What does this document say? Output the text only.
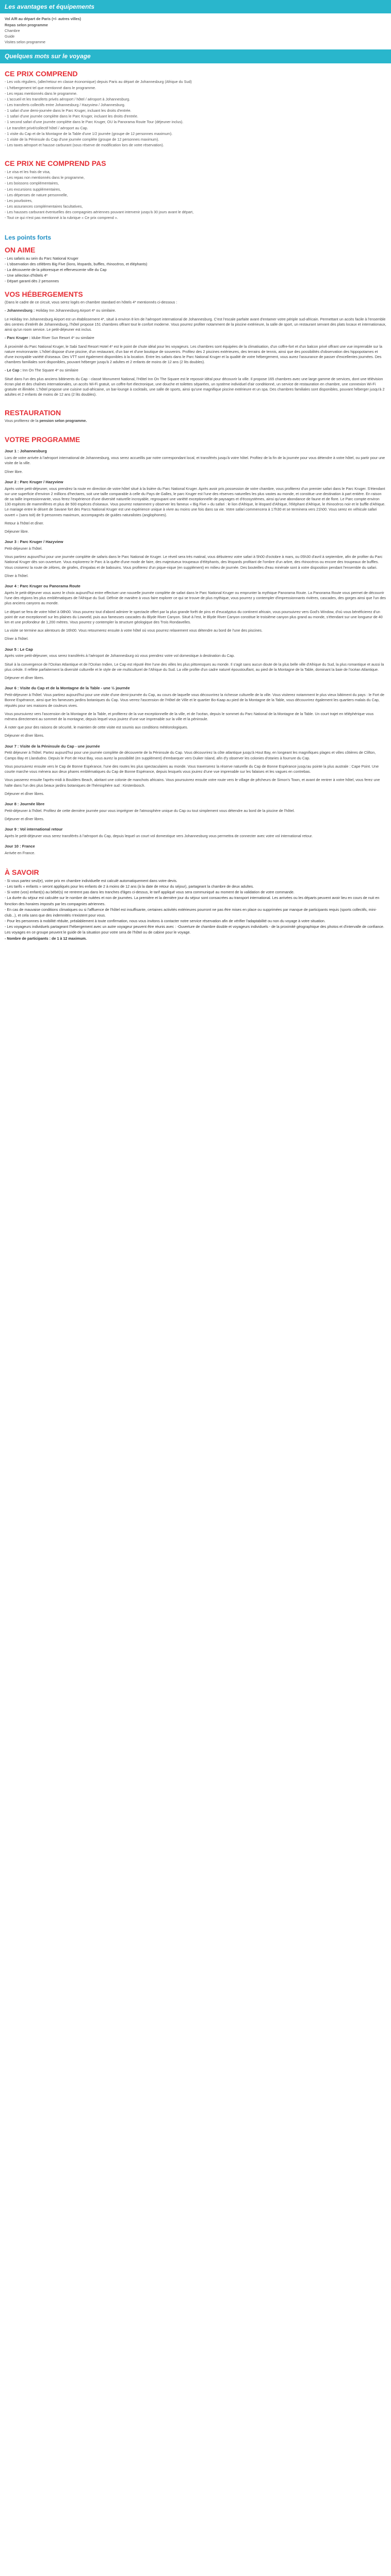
Les avantages et équipements
Vol A/R au départ de Paris (+/- autres villes)
Repas selon programme
Chambre
Guide
Visites selon programme
Quelques mots sur le voyage
CE PRIX COMPREND
- Les vols réguliers, (aller/retour en classe économique) depuis Paris au départ de Johannesburg (Afrique du Sud)
- L'hébergement tel que mentionné dans le programme.
- Les repas mentionnés dans le programme.
- L'accueil et les transferts privés aéroport / hôtel / aéroport à Johannesburg.
- Les transferts collectifs entre Johannesburg / Hazyview / Johannesburg.
- 1 safari d'une demi-journée dans le Parc Kruger, incluant les droits d'entrée.
- 1 safari d'une journée complète dans le Parc Kruger, incluant les droits d'entrée.
- 1 second safari d'une journée complète dans le Parc Kruger, OU la Panorama Route Tour (déjeuner inclus).
- Le transfert privé/collectif hôtel / aéroport au Cap.
- 1 visite du Cap et de la Montagne de la Table d'une 1/2 journée (groupe de 12 personnes maximum).
- 1 visite de la Péninsule du Cap d'une journée complète (groupe de 12 personnes maximum).
- Les taxes aéroport et hausse carburant (sous réserve de modification lors de votre réservation).
CE PRIX NE COMPREND PAS
- Le visa et les frais de visa,
- Les repas non mentionnés dans le programme,
- Les boissons complémentaires,
- Les excursions supplémentaires,
- Les dépenses de nature personnelle,
- Les pourboires,
- Les assurances complémentaires facultatives,
- Les hausses carburant éventuelles des compagnies aériennes pouvant intervenir jusqu'à 30 jours avant le départ,
- Tout ce qui n'est pas mentionné à la rubrique « Ce prix comprend ».
Les points forts
ON AIME
- Les safaris au sein du Parc National Kruger
- L'observation des célèbres Big Five (lions, léopards, buffles, rhinocéros, et éléphants)
- La découverte de la pittoresque et effervescente ville du Cap
- Une sélection d'hôtels 4*
- Départ garanti dès 2 personnes
VOS HÉBERGEMENTS

(Dans le cadre de ce circuit, vous serez logés en chambre standard en hôtels 4* mentionnés ci-dessous :

- Johannesburg : Holiday Inn Johannesburg Airport 4* ou similaire.

Le Holiday Inn Johannesburg Airport est un établissement 4*, situé à environ 8 km de l'aéroport international de Johannesburg. C'est l'escale parfaite avant d'entamer votre périple sud-africain. Permettant un accès facile à l'ensemble des centres d'intérêt de Johannesburg, l'hôtel propose 151 chambres offrant tout le confort moderne. Vous pourrez profiter notamment de la piscine extérieure, la salle de sport, un restaurant servant des plats locaux et internationaux, ainsi qu'un room service. Le petit-déjeuner est inclus.

- Parc Kruger : Idube River Sun Resort 4* ou similaire

À proximité du Parc National Kruger, le Sabi Sand Resort Hotel 4* est le point de chute idéal pour les voyageurs. Les chambres sont équipées de la climatisation, d'un coffre-fort et d'un balcon privé offrant une vue imprenable sur la nature environnante. L'hôtel dispose d'une piscine, d'un restaurant, d'un bar et d'une boutique de souvenirs. Profitez des 2 piscines extérieures, des terrains de tennis, ainsi que des possibilités d'observation des hippopotames et d'une incroyable variété d'oiseaux. Des VTT sont également disponibles à la location. Entre les safaris dans le Parc National Kruger et la qualité de votre hébergement, vous aurez l'assurance de passer d'excellentes journées. Des chambres familiales sont disponibles, pouvant héberger jusqu'à 2 adultes et 2 enfants de moins de 12 ans (2 lits doubles).

- Le Cap : Inn On The Square 4* ou similaire

Situé dans l'un des plus anciens bâtiments du Cap - classé Monument National, l'Hôtel Inn On The Square est le reposoir idéal pour découvrir la ville. Il propose 165 chambres avec une large gamme de services, dont une télévision écran plat et des chaînes internationales, un accès Wi-Fi gratuit, un coffre-fort électronique, une douche et toilettes séparées, un système individuel d'air conditionné, un service de restauration en chambre, une connexion Wi-Fi gratuite et illimitée. L'hôtel propose une cuisine sud-africaine, un bar-lounge à cocktails, une salle de sports, ainsi qu'une magnifique piscine extérieure et un spa. Des chambres familiales sont disponibles, pouvant héberger jusqu'à 2 adultes et 2 enfants de moins de 12 ans (2 lits doubles).

RESTAURATION

Vous profiterez de la pension selon programme.

VOTRE PROGRAMME
Jour 1 : Johannesburg

Lors de votre arrivée à l'aéroport international de Johannesburg, vous serez accueillis par notre correspondant local, et transférés jusqu'à votre hôtel. Profitez de la fin de la journée pour vous détendre à votre hôtel, ou partir pour une visite de la ville.

Dîner libre.

Jour 2 : Parc Kruger / Hazyview

Après votre petit-déjeuner, vous prendrez la route en direction de votre hôtel situé à la lisière du Parc National Kruger. Après avoir pris possession de votre chambre, vous profiterez d'un premier safari dans le Parc Kruger. S'étendant sur une superficie d'environ 2 millions d'hectares, soit une taille comparable à celle du Pays de Galles, le parc Kruger est l'une des réserves naturelles les plus vastes au monde, et constitue une destination à part entière. En raison de sa taille impressionnante, vous ferez l'expérience d'une diversité naturelle incroyable, regroupant une variété exceptionnelle de paysages et d'écosystèmes, ainsi qu'une abondance de faune et de flore. Le Parc compte environ 130 espèces de mammifères et plus de 500 espèces d'oiseaux. Vous pourrez notamment y observer les fameux « Big Five » du safari : le lion d'Afrique, le léopard d'Afrique, l'éléphant d'Afrique, le rhinocéros noir et le buffle d'Afrique. Le mariage entre le désert de Savane fort des Parcs National Kruger est une expérience unique à vivre au moins une fois dans sa vie. Votre safari commencera à 17h30 et se terminera vers 21h00. Vous serez en véhicule safari ouvert « (sans toit) de 9 personnes maximum, accompagnés de guides naturalistes (anglophones).

Retour à l'hôtel et dîner.

Déjeuner libre.

Jour 3 : Parc Kruger / Hazyview

Petit-déjeuner à l'hôtel.

Vous partirez aujourd'hui pour une journée complète de safaris dans le Parc National de Kruger. Le réveil sera très matinal, vous débuterez votre safari à 5h00 d'octobre à mars, ou 05h30 d'avril à septembre, afin de profiter du Parc National Kruger dès son ouverture. Vous explorerez le Parc à la quête d'une mode de faire, des majestueux troupeaux d'éléphants, des léopards profitant de l'ombre d'un arbre, des rhinocéros ou encore des troupeaux de buffles. Vous croiserez la route de zèbres, de girafes, d'impalas et de babouins. Vous profiterez d'un pique-nique (en supplément) en milieu de journée. Des bouteilles d'eau minérale sont à votre disposition pendant l'ensemble du safari.

Dîner à l'hôtel.

Jour 4 : Parc Kruger ou Panorama Route

Après le petit-déjeuner vous aurez le choix aujourd'hui entre effectuer une nouvelle journée complète de safari dans le Parc National Kruger ou emprunter la mythique Panorama Route. La Panorama Route vous permet de découvrir l'une des régions les plus emblématiques de l'Afrique du Sud. Définie de manière à vous faire explorer ce qui se trouve de plus mythique, vous pourrez y contempler d'impressionnants rivières, cascades, des gorges ainsi que l'un des plus anciens canyons au monde.

Le départ se fera de votre hôtel à 08h00. Vous pourrez tout d'abord admirer le spectacle offert par la plus grande forêt de pins et d'eucalyptus du continent africain, vous poursuivrez vers God's Window, d'où vous bénéficierez d'un point de vue exceptionnel sur les plaines du Lowveld, puis aux fameuses cascades du Blyde River Canyon. Situé à l'est, le Blyde River Canyon constitue le troisième canyon plus grand au monde, s'étendant sur une longueur de 40 km et une profondeur de 1,200 mètres. Vous pourrez y contempler la structure géologique des Trois Rondavelles.

La visite se termine aux alentours de 16h00. Vous retournerez ensuite à votre hôtel où vous pourrez relaxement vous détendre au bord de l'une des piscines.

Dîner à l'hôtel.

Jour 5 : Le Cap

Après votre petit-déjeuner, vous serez transférés à l'aéroport de Johannesburg où vous prendrez votre vol domestique à destination du Cap.

Situé à la convergence de l'Océan Atlantique et de l'Océan Indien, Le Cap est réputé être l'une des villes les plus pittoresques au monde. Il s'agit sans aucun doute de la plus belle ville d'Afrique du Sud, la plus romantique et aussi la plus créole. Il reflète parfaitement la diversité culturelle et le style de vie multiculturel de l'Afrique du Sud. La ville profite d'un cadre naturel époustouflant, au pied de la Montagne de la Table, dominant la baie de l'océan Atlantique.

Déjeuner et dîner libres.

Jour 6 : Visite du Cap et de la Montagne de la Table - une ½ journée

Petit-déjeuner à l'hôtel. Vous partirez aujourd'hui pour une visite d'une demi-journée du Cap, au cours de laquelle vous découvrirez la richesse culturelle de la ville. Vous visiterez notamment le plus vieux bâtiment du pays : le Fort de Bonne Espérance, ainsi que les fameuses jardins botaniques du Cap. Vous verrez l'ascension de l'Hôtel de Ville et le quartier Bo-Kaap au pied de la Montagne de la Table, vous découvrirez également les quartiers malais du Cap, réputés pour ses maisons de couleurs vives.

Vous poursuivrez vers l'ascension de la Montagne de la Table, et profiterez de la vue exceptionnelle de la ville, et de l'océan, depuis le sommet du Parc National de la Montagne de la Table. Un court trajet en téléphérique vous mènera directement au sommet de la montagne, depuis lequel vous jouirez d'une vue imprenable sur la ville et la péninsule.

À noter que pour des raisons de sécurité, le maintien de cette visite est soumis aux conditions météorologiques.

Déjeuner et dîner libres.

Jour 7 : Visite de la Péninsule du Cap - une journée

Petit déjeuner à l'hôtel. Partez aujourd'hui pour une journée complète de découverte de la Péninsule du Cap. Vous découvrirez la côte atlantique jusqu'à Hout Bay, en longeant les magnifiques plages et villes côtières de Clifton, Camps Bay et Llandudno. Depuis le Port de Hout Bay, vous aurez la possibilité (en supplément) d'embarquer vers Duiker Island, afin d'y observer les colonies d'otaries à fourrure du Cap.

Vous poursuivrez ensuite vers le Cap de Bonne Espérance, l'une des routes les plus spectaculaires au monde. Vous traverserez la réserve naturelle du Cap de Bonne Espérance jusqu'au pointe la plus australe : Cape Point. Une courte marche vous mènera aux deux phares emblématiques du Cap de Bonne Espérance, depuis lesquels vous jouirez d'une vue imprenable sur les falaises et les vagues en contrebas.

Vous passerez ensuite l'après-midi à Boulders Beach, abritant une colonie de manchots africains. Vous poursuivrez ensuite votre route vers le village de pêcheurs de Simon's Town, et avant de rentrer à votre hôtel, vous ferez une halte dans l'un des plus beaux jardins botaniques de l'hémisphère sud : Kirstenbosch.

Déjeuner et dîner libres.

Jour 8 : Journée libre

Petit-déjeuner à l'hôtel. Profitez de cette dernière journée pour vous imprégner de l'atmosphère unique du Cap ou tout simplement vous détendre au bord de la piscine de l'hôtel.

Déjeuner et dîner libres.

Jour 9 : Vol international retour

Après le petit-déjeuner vous serez transférés à l'aéroport du Cap, depuis lequel un court vol domestique vers Johannesburg vous permettra de connecter avec votre vol international retour.

Jour 10 : France

Arrivée en France.

À SAVOIR
- Si vous partez seul(e), votre prix en chambre individuelle est calculé automatiquement dans votre devis.
- Les tarifs « enfants » seront appliqués pour les enfants de 2 à moins de 12 ans (à la date de retour du séjour), partageant la chambre de deux adultes.
- Si votre (vos) enfant(s) au bébé(s) ne rentrent pas dans les tranches d'âges ci-dessus, le tarif appliqué vous sera communiqué au moment de la validation de votre commande.
- La durée du séjour est calculée sur le nombre de nuitées et non de journées. La première et la dernière jour du séjour sont consacrées au transport international. Les arrivées ou les départs peuvent avoir lieu en cours de nuit en fonction des horaires imposés par les compagnies aériennes.
- En cas de mauvaise conditions climatiques ou si l'affluence de l'hôtel est insuffisante, certaines activités extérieures pourront ne pas être mises en place ou supprimées par manque de participants requis (sports collectifs, mini-club...), et cela sans que des indemnités n'existent pour vous.
- Pour les personnes à mobilité réduite, préalablement à toute confirmation, nous vous invitons à contacter notre service réservation afin de vérifier l'adaptabilité ou non du voyage à votre situation.
- Les voyageurs individuels partageant l'hébergement avec un autre voyageur peuvent être réunis avec : -Ouverture de chambre double et voyageurs individuels - de la proximité géographique des photos et d'intervalle de confiance. Les voyages en ce groupe peuvent le guide de la situation pour votre sera de l'hôtel ou de cabine pour le voyage.
- Nombre de participants : de 1 à 12 maximum.
